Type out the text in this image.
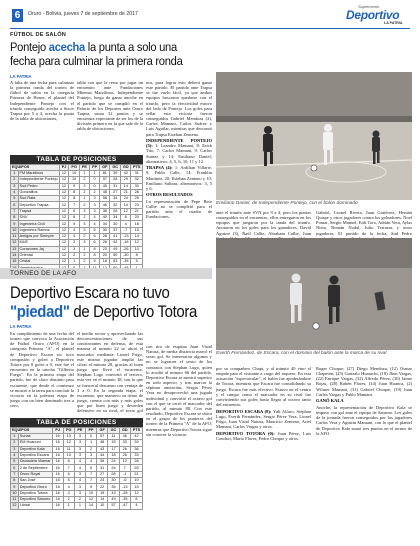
6	Oruro - Bolivia, jueves 7 de septiembre de 2017
Suplemento
Deportivo
LA PATRIA
FÚTBOL DE SALÓN
Pontejo acecha la punta a solo una
fecha para culminar la primera ronda
LA PATRIA

A falta de una fecha para culminar la primera ronda del torneo de fútbol de salón en la categoría Primera de Honor, el plantel del Independiente Pontejo con el triunfo conseguido acecha a Sucre Trapsa por 5 a 4, acecha la punta de la tabla de ubicaciones,

tabla con que le resta por jugar un encuentro ante Fundaciones Mineras Marzilinos. Independiente Pontejo, luego de ganar anoche en el partido que se cumplió en el Palacio de los Deportes ante Oruro Trapsa, suma 32 puntos y se encuentra expectante de ser los de la división primera en la que sale de la tabla de ubicaciones,

nos, para lograr esto deberá ganar este partido. El partido ante Trapsa se fue vuelo fácil, ya que ambos equipos buscaron quedarse con el triunfo, pero la efectividad estuvo del lado de Pontejo. Los goles para sellar esta victoria fueron conseguidos Gabriel Mendoza (2), Carlos Mamani, Carlos Suárez y Luis Aguilar, mientras que descontó para Trapsa Esteban Zenteno.

INDEPENDIENTE PONTEJO (5): 1: Leandro Mamani, 8: Erick Tito, 7: Carlos Mamani, 9: Carlos Suárez y 14: Emiliano Daniel; alternativos: 4, 5, 6, 10, 11 y 12.

TRAPSA (4): 1: Ardilian Villarte, 9: Pablo Calle, 14: Franklin Martínez, 20: Esteban Zenteno y 10: Emiliano Salinas; alternativos: 3, 5 y 6.

OTROS RESULTADOS

La representación de Pepe Beto Callie no se completó para el partido ante el cuadro de Fundaciones.

Emiliano Daniel, de Independiente Pontejo, con el balón dominado

ante el triunfo ante SVN por 9 a 4, pero los puntos conseguidos en el encuentro, ellos entregaron en los equipos que juegaron por la tanda del triunfo. Anotaron en los goles para los ganadores, David Aguirre (3), Raúl Callie, Abraham Callie, Juan

Gabriel, Leonel Rivera, Juan Gutiérrez, Hernán Quispe y otros jugadores contra los goleadores. Noel Pomar, Sergio Manuel, Erik Toro, Adrián Vera, Aylas Nieto, Román Nodal, Julio Terrazas y otros jugadores. El partido de la fecha, Sud Pedro

TABLA DE POSICIONES
EQUIPOS		PJ	PG	PE	PP	GF	GC	GD	PTS
1	FM Marzilinos	12	10	1	1	81	39	42	31
2	Independiente Pontejo	12	10	2	0	57	28	29	32
3	Sud Pedro	12	9	3	0	45	31	14	30
4	Gonzalitos	12	8	2	2	48	27	21	26
5	Sud Rafa	12	8	1	3	58	34	24	25
6	Deportivo Trapsa	12	7	2	3	46	32	14	23
7	Trapsa	12	6	3	3	38	26	12	21
8	SNV	12	6	2	4	40	34	6	20
9	Ingeniería Civil	12	5	3	4	34	30	4	18
10	Ingeniería Ramos	12	4	3	5	30	37	-7	15
11	Amigos por Siempre	12	4	2	6	28	41	-13	14
12	MUE	12	3	3	6	26	42	-16	12
13	Corazones Jaj	12	3	1	8	23	49	-26	10
14	Oriental	12	2	2	8	20	50	-30	8
15	Cristal	12	1	2	9	18	53	-35	5

TORNEO DE LA AFO
Deportivo Escara no tuvo
"piedad" de Deportivo Totora
LA PATRIA

En cumplimiento de una fecha del torneo que convoca la Asociación de Fútbol Oruro (AFO) en la categoría Primera "A", el plantel de Deportivo Escara no tuvo compasión y goleó a Deportivo Totora por 8 goles a 0, este fue el encuentro en la cancha "Gilberto Fuego". En la primera etapa del partido, fue de claro dominio para escarense, que desde el comienzo se mostró a la tarea para concluir la victoria en la primera etapa de juego con un bien dominado tres a cero,

el medio sector y aprovechando las desconcentraciones de sus contrincantes en defensa, de esta manera al minuto 22 se abrió el marcador mediante Lionel Frigo, este mismo jugador amplió las cifras al minuto 28, gracias al buen juego que llevó el escarense, Stephan Lugo convirtió el tercero, esta vez en el minuto 38, con lo que se fueron al descanso con ventaja de 3 a 0. En la segunda etapa, el escarense, que mantuvo su ritmo de juego, cuenta con más y más goles que por buen juego y desorden defensivo en su rival, el sexto gol

con tiro de esquina Juan Vistal Natusa, de media distancia marcó el sexto gol. Se interesaron algunos y no se lograron el sexto de los contratos con Stephan Lugo, quien lo acudió al minuto 66 del partido. Deportivo Escara se mostró superior en todo aspecto, y tras marcar la séptima anotación, Sergio Pérez Vera no desaprovechó una jugada individual y convirtió el octavo gol con el que se cerró el marcador del partido, al minuto 88. Con este resultado, Deportivo Escara se ubica en el grupo de los punteros del torneo de la Primera "A" de la AFO, mientras que Deportivo Totora sigue sin conocer la victoria.

Everth Fernández, de Escara, con el dominio del balón ante la marca de su rival

por su compañero Chapi, y al minuto 40 vino el empate para el visitante a cargo del arquero. En esta actuación "espectacular", el balón fue apoderándose de Totora, mientras que Escara fue consolidando su juego. Escara fue más efectivo. Estuvo en el centro y el campo como el marcador en su rival fue convirtiendo sus goles hasta llegar al octavo tanto del encuentro.

DEPORTIVO ESCARA (8): Yuli Alfaro, Stephan Lugo, Everth Fernández, Sergio Pérez Vera, Lionel Frigo, Juan Vistal Natusa, Mauricio Zenteno, Ariel Mamani, Carlos Vargas y otros.

DEPORTIVO TOTORA (0): Juan Pérez, Luis Condori, Mario Flores, Pedro Choque y otros.

Roger Choque, (27) Diego Mendoza, (12) Osmar Chapetón, (25) Gonzalo Huarachi, (18) Jhon Vargas, (22) Enrique Vargas, (32) Alfredo Pérez, (30) Jaime Rojas, (28) Rubén Flores, (14) Juan Huanca, (2) Wilmer Mamani, (31) Gabriel Choque, (19) Juan Carlos Vargas y Pablo Mamani.

GANÓ KALA

Anoche, la representación de Deportivo Kala se impuso con gol ante el equipo de Saturno. Los goles de la jornada fueron conseguidos por los jugadores Carlos Vera y Agustín Mamani, con lo que el plantel de Deportivo Kala sumó tres puntos en el torneo de la AFO.

TABLA DE POSICIONES
EQUIPOS		PJ	PG	PE	PP	GF	GC	GD	PTS
1	Sunae	16	13	3	0	57	11	46	42
2	EM Huanuni	16	12	3	1	48	15	33	39
3	Deportivo Kala	16	11	3	2	43	17	26	36
4	Deportivo Escara	16	10	3	3	44	18	26	33
5	Ciudadela Vilamar	16	8	4	4	36	24	12	28
6	2 de Septiembre	16	7	4	5	31	24	7	25
7	Oruro Royal	16	6	3	7	27	28	-1	21
8	San José	16	5	4	7	24	30	-6	19
9	Deportivo Oruro	16	4	3	9	22	35	-13	15
10	Deportivo Totora	16	3	3	10	15	43	-28	12
11	Deportivo Saturno	16	2	2	12	14	49	-35	8
12	Litoral	16	1	1	14	10	57	-47	4
